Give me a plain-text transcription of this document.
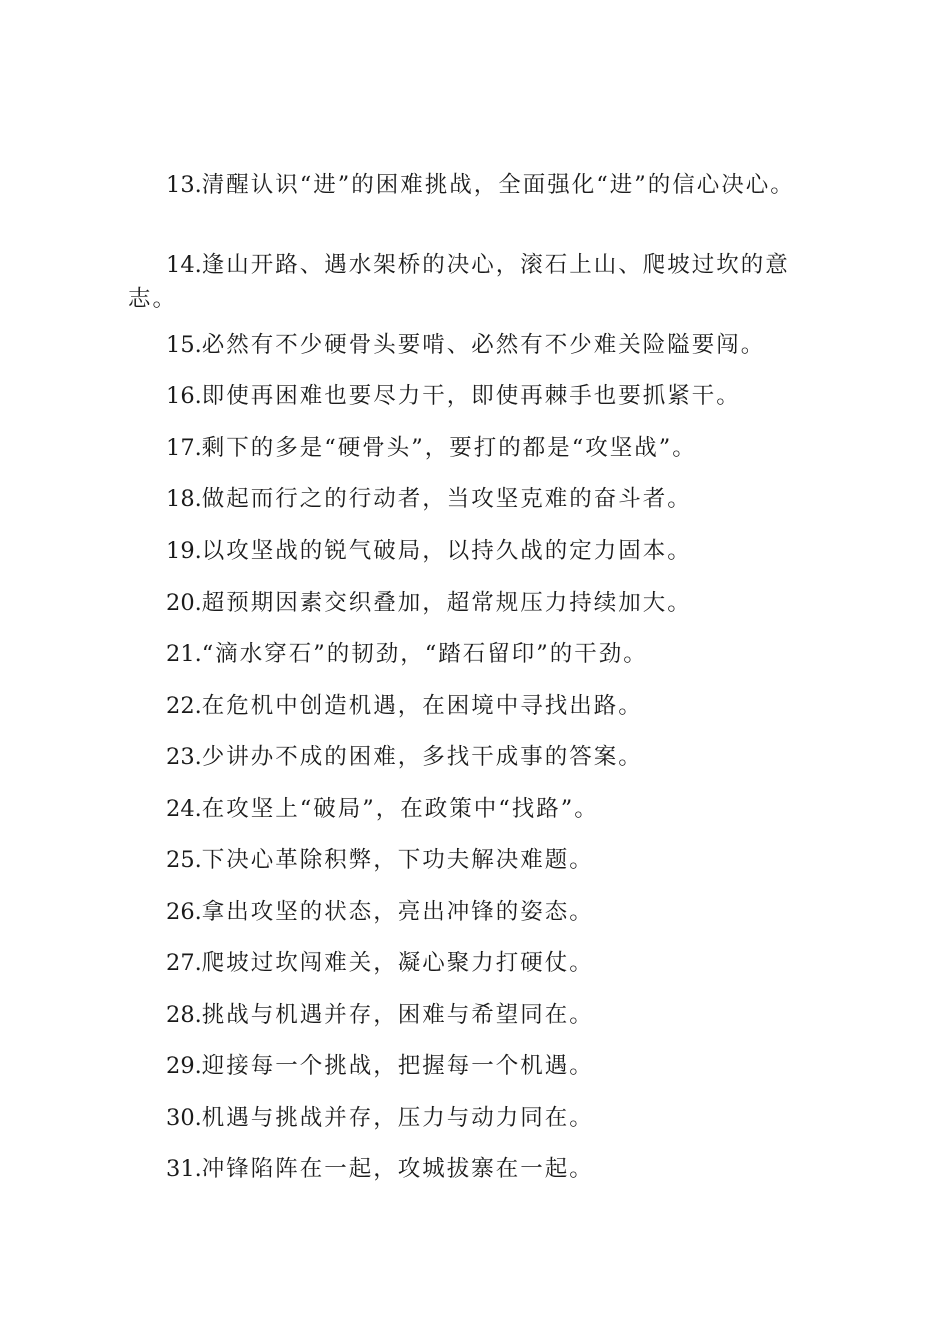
13.清醒认识“进”的困难挑战，全面强化“进”的信心决心。

14.逢山开路、遇水架桥的决心，滚石上山、爬坡过坎的意志。

15.必然有不少硬骨头要啃、必然有不少难关险隘要闯。

16.即使再困难也要尽力干，即使再棘手也要抓紧干。

17.剩下的多是“硬骨头”，要打的都是“攻坚战”。

18.做起而行之的行动者，当攻坚克难的奋斗者。

19.以攻坚战的锐气破局，以持久战的定力固本。

20.超预期因素交织叠加，超常规压力持续加大。

21.“滴水穿石”的韧劲，“踏石留印”的干劲。

22.在危机中创造机遇，在困境中寻找出路。

23.少讲办不成的困难，多找干成事的答案。

24.在攻坚上“破局”，在政策中“找路”。

25.下决心革除积弊，下功夫解决难题。

26.拿出攻坚的状态，亮出冲锋的姿态。

27.爬坡过坎闯难关，凝心聚力打硬仗。

28.挑战与机遇并存，困难与希望同在。

29.迎接每一个挑战，把握每一个机遇。

30.机遇与挑战并存，压力与动力同在。

31.冲锋陷阵在一起，攻城拔寨在一起。
